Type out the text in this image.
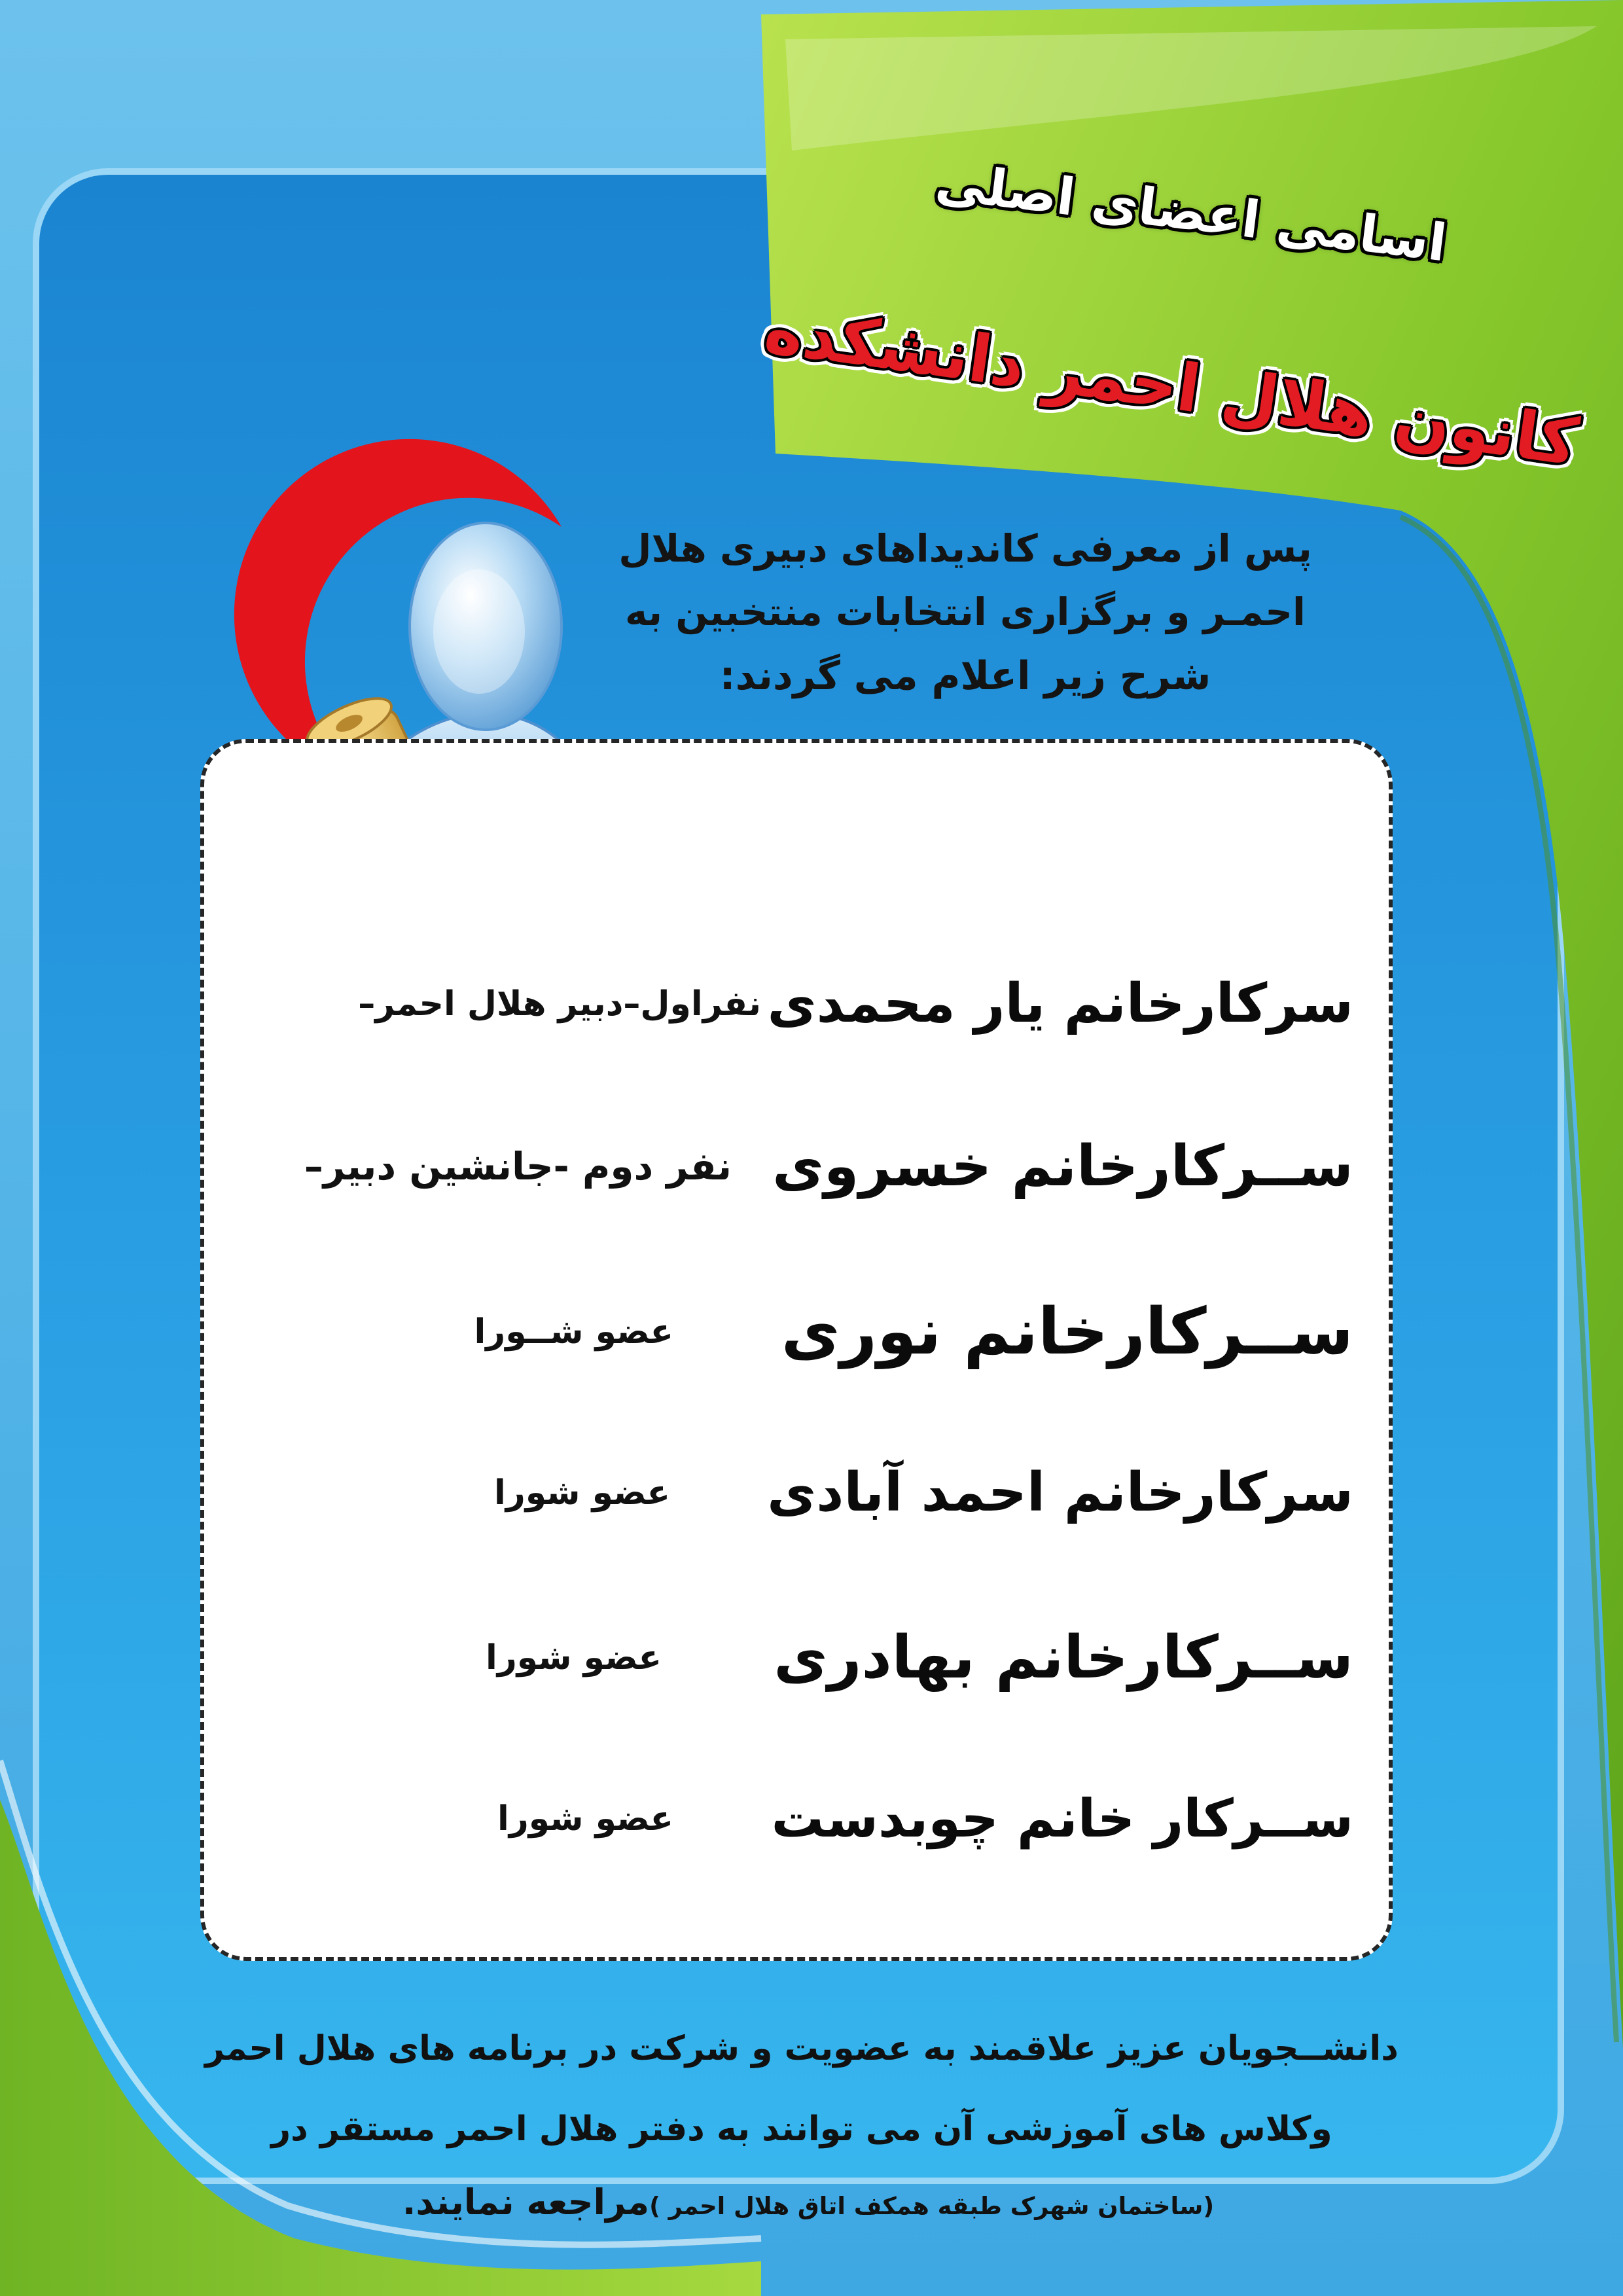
اسامی اعضای اصلی
کانون هلال احمر دانشکده
پس از معرفی کاندیداهای دبیری هلال
احمـر و برگزاری انتخابات منتخبین به
شرح زیر اعلام می گردند:
سرکارخانم یار محمدی
نفراول–دبیر هلال احمر–
ســرکارخانم خسروی
نفر دوم -جانشین دبیر–
ســرکارخانم نوری
عضو شــورا
سرکارخانم احمد آبادی
عضو شورا
ســرکارخانم بهادری
عضو شورا
ســرکار خانم چوبدست
عضو شورا
دانشــجویان عزیز علاقمند به عضویت و شرکت در برنامه های هلال احمر
وکلاس های آموزشی آن می توانند به دفتر هلال احمر مستقر در
(ساختمان شهرک طبقه همکف اتاق هلال احمر )مراجعه نمایند.
